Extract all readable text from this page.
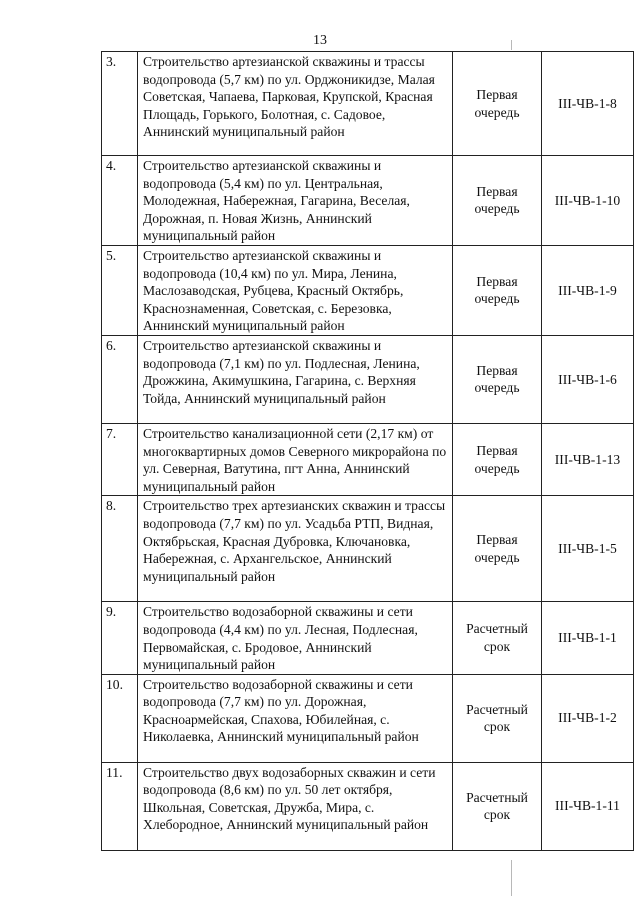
13
3.	Строительство артезианской скважины и трассы водопровода (5,7 км) по ул. Орджоникидзе, Малая Советская, Чапаева, Парковая, Крупской, Красная Площадь, Горького, Болотная, с. Садовое, Аннинский муниципальный район	Первая очередь	III-ЧВ-1-8
4.	Строительство артезианской скважины и водопровода (5,4 км) по ул. Центральная, Молодежная, Набережная, Гагарина, Веселая, Дорожная, п. Новая Жизнь, Аннинский муниципальный район	Первая очередь	III-ЧВ-1-10
5.	Строительство артезианской скважины и водопровода (10,4 км) по ул. Мира, Ленина, Маслозаводская, Рубцева, Красный Октябрь, Краснознаменная, Советская, с. Березовка, Аннинский муниципальный район	Первая очередь	III-ЧВ-1-9
6.	Строительство артезианской скважины и водопровода (7,1 км) по ул. Подлесная, Ленина, Дрожжина, Акимушкина, Гагарина, с. Верхняя Тойда, Аннинский муниципальный район	Первая очередь	III-ЧВ-1-6
7.	Строительство канализационной сети (2,17 км) от многоквартирных домов Северного микрорайона по ул. Северная, Ватутина, пгт Анна, Аннинский муниципальный район	Первая очередь	III-ЧВ-1-13
8.	Строительство трех артезианских скважин и трассы водопровода (7,7 км) по ул. Усадьба РТП, Видная, Октябрьская, Красная Дубровка, Ключановка, Набережная, с. Архангельское, Аннинский муниципальный район	Первая очередь	III-ЧВ-1-5
9.	Строительство водозаборной скважины и сети водопровода (4,4 км) по ул. Лесная, Подлесная, Первомайская, с. Бродовое, Аннинский муниципальный район	Расчетный срок	III-ЧВ-1-1
10.	Строительство водозаборной скважины и сети водопровода (7,7 км) по ул. Дорожная, Красноармейская, Спахова, Юбилейная, с. Николаевка, Аннинский муниципальный район	Расчетный срок	III-ЧВ-1-2
11.	Строительство двух водозаборных скважин и сети водопровода (8,6 км) по ул. 50 лет октября, Школьная, Советская, Дружба, Мира, с. Хлебородное, Аннинский муниципальный район	Расчетный срок	III-ЧВ-1-11
